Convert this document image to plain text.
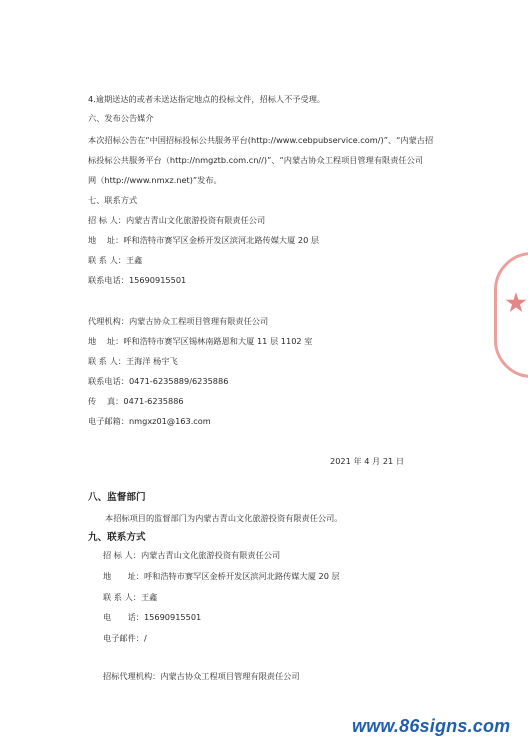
4.逾期送达的或者未送达指定地点的投标文件，招标人不予受理。
六、发布公告媒介
本次招标公告在“中国招标投标公共服务平台(http://www.cebpubservice.com/)”、“内蒙古招
标投标公共服务平台（http://nmgztb.com.cn//)”、“内蒙古协众工程项目管理有限责任公司
网（http://www.nmxz.net)”发布。
七、联系方式
招 标 人：内蒙古青山文化旅游投资有限责任公司
地　 址：呼和浩特市赛罕区金桥开发区滨河北路传媒大厦 20 层
联 系 人：王鑫
联系电话：15690915501
代理机构：内蒙古协众工程项目管理有限责任公司
地　 址：呼和浩特市赛罕区锡林南路恩和大厦 11 层 1102 室
联 系 人：王海洋 杨宇飞
联系电话：0471-6235889/6235886
传　 真：0471-6235886
电子邮箱：nmgxz01@163.com
2021 年 4 月 21 日
八、监督部门
本招标项目的监督部门为内蒙古青山文化旅游投资有限责任公司。
九、联系方式
招 标 人：内蒙古青山文化旅游投资有限责任公司
地　　址：呼和浩特市赛罕区金桥开发区滨河北路传媒大厦 20 层
联 系 人：王鑫
电　　话：15690915501
电子邮件：/
招标代理机构：内蒙古协众工程项目管理有限责任公司
www.86signs.com
